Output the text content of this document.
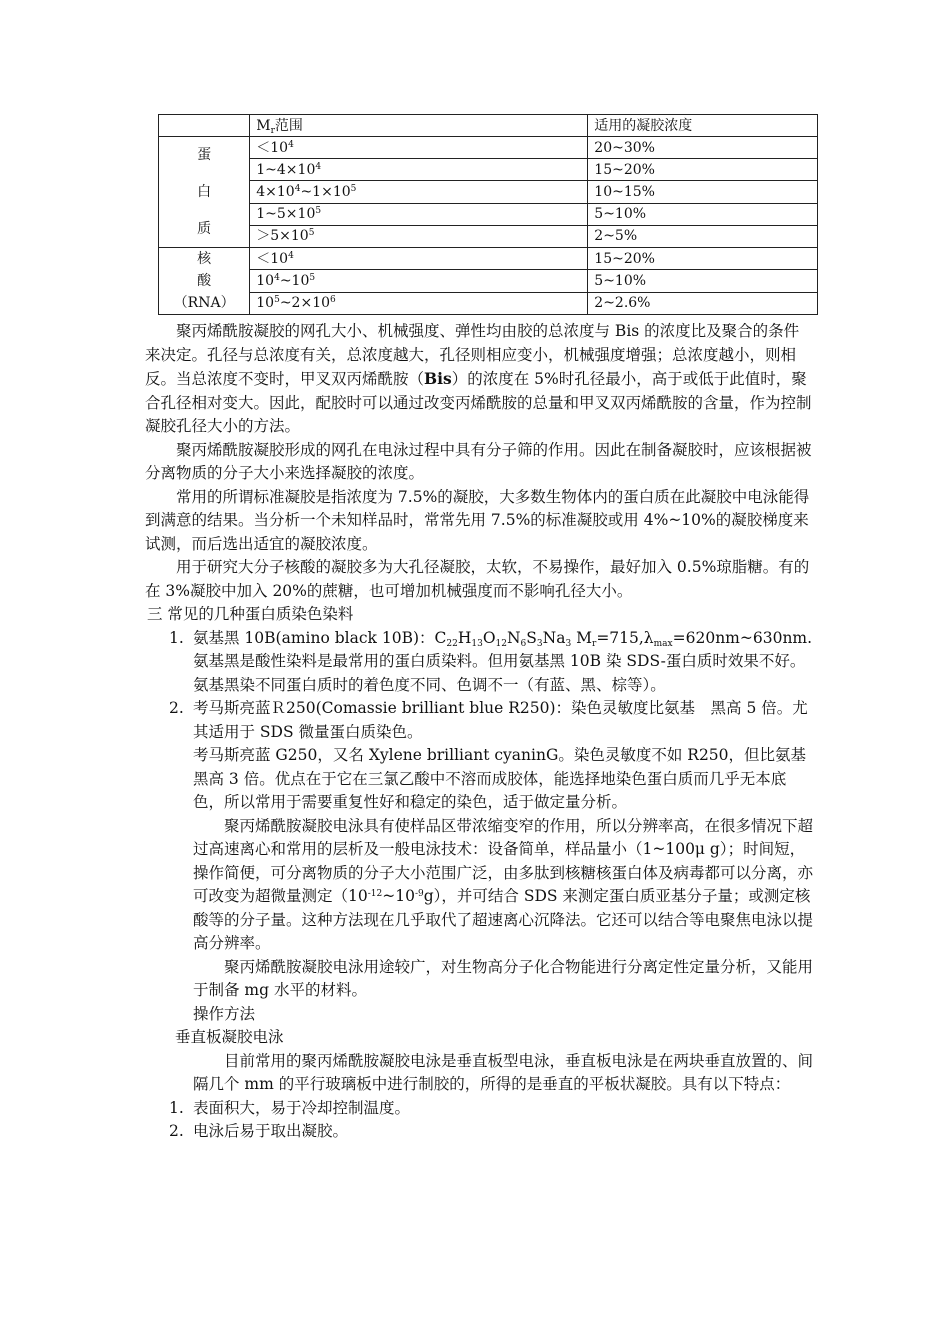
	$M_r$范围	适用的凝胶浓度

蛋
白
质	$<10^4$	20~30%
	$1\sim 4\times 10^4$	15~20%
	$4\times 10^4\sim 1\times 10^5$	10~15%
	$1\sim 5\times 10^5$	5~10%
	$>5\times 10^5$	2~5%

核
酸
（RNA）	$<10^4$	15~20%
	$10^4\sim 10^5$	5~10%
	$10^5\sim 2\times 10^6$	2~2.6%

聚丙烯酰胺凝胶的网孔大小、机械强度、弹性均由胶的总浓度与 Bis 的浓度比及聚合的条件来决定。孔径与总浓度有关，总浓度越大，孔径则相应变小，机械强度增强；总浓度越小，则相反。当总浓度不变时，甲叉双丙烯酰胺（Bis）的浓度在 5%时孔径最小，高于或低于此值时，聚合孔径相对变大。因此，配胶时可以通过改变丙烯酰胺的总量和甲叉双丙烯酰胺的含量，作为控制凝胶孔径大小的方法。

聚丙烯酰胺凝胶形成的网孔在电泳过程中具有分子筛的作用。因此在制备凝胶时，应该根据被分离物质的分子大小来选择凝胶的浓度。

常用的所谓标准凝胶是指浓度为 7.5%的凝胶，大多数生物体内的蛋白质在此凝胶中电泳能得到满意的结果。当分析一个未知样品时，常常先用 7.5%的标准凝胶或用 4%~10%的凝胶梯度来试测，而后选出适宜的凝胶浓度。

用于研究大分子核酸的凝胶多为大孔径凝胶，太软，不易操作，最好加入 0.5%琼脂糖。有的在 3%凝胶中加入 20%的蔗糖，也可增加机械强度而不影响孔径大小。

三 常见的几种蛋白质染色染料

1. 氨基黑 10B(amino black 10B)：$C_{22}H_{13}O_{12}N_6S_3Na_3$ $M_r=715,\lambda_{max}=620nm\sim 630nm$.氨基黑是酸性染料是最常用的蛋白质染料。但用氨基黑 10B 染 SDS-蛋白质时效果不好。氨基黑染不同蛋白质时的着色度不同、色调不一（有蓝、黑、棕等）。

2. 考马斯亮蓝Ｒ250(Comassie brilliant blue R250)：染色灵敏度比氨基　黑高 5 倍。尤其适用于 SDS 微量蛋白质染色。

考马斯亮蓝 G250，又名 Xylene brilliant cyaninG。染色灵敏度不如 R250，但比氨基黑高 3 倍。优点在于它在三氯乙酸中不溶而成胶体，能选择地染色蛋白质而几乎无本底色，所以常用于需要重复性好和稳定的染色，适于做定量分析。

聚丙烯酰胺凝胶电泳具有使样品区带浓缩变窄的作用，所以分辨率高，在很多情况下超过高速离心和常用的层析及一般电泳技术：设备简单，样品量小（1~100μ g）；时间短，操作简便，可分离物质的分子大小范围广泛，由多肽到核糖核蛋白体及病毒都可以分离，亦可改变为超微量测定$(10^{-12}\sim 10^{-9}g)$，并可结合 SDS 来测定蛋白质亚基分子量；或测定核酸等的分子量。这种方法现在几乎取代了超速离心沉降法。它还可以结合等电聚焦电泳以提高分辨率。

聚丙烯酰胺凝胶电泳用途较广，对生物高分子化合物能进行分离定性定量分析，又能用于制备 mg 水平的材料。

操作方法

垂直板凝胶电泳

目前常用的聚丙烯酰胺凝胶电泳是垂直板型电泳，垂直板电泳是在两块垂直放置的、间隔几个 mm 的平行玻璃板中进行制胶的，所得的是垂直的平板状凝胶。具有以下特点：

1. 表面积大，易于冷却控制温度。

2. 电泳后易于取出凝胶。
